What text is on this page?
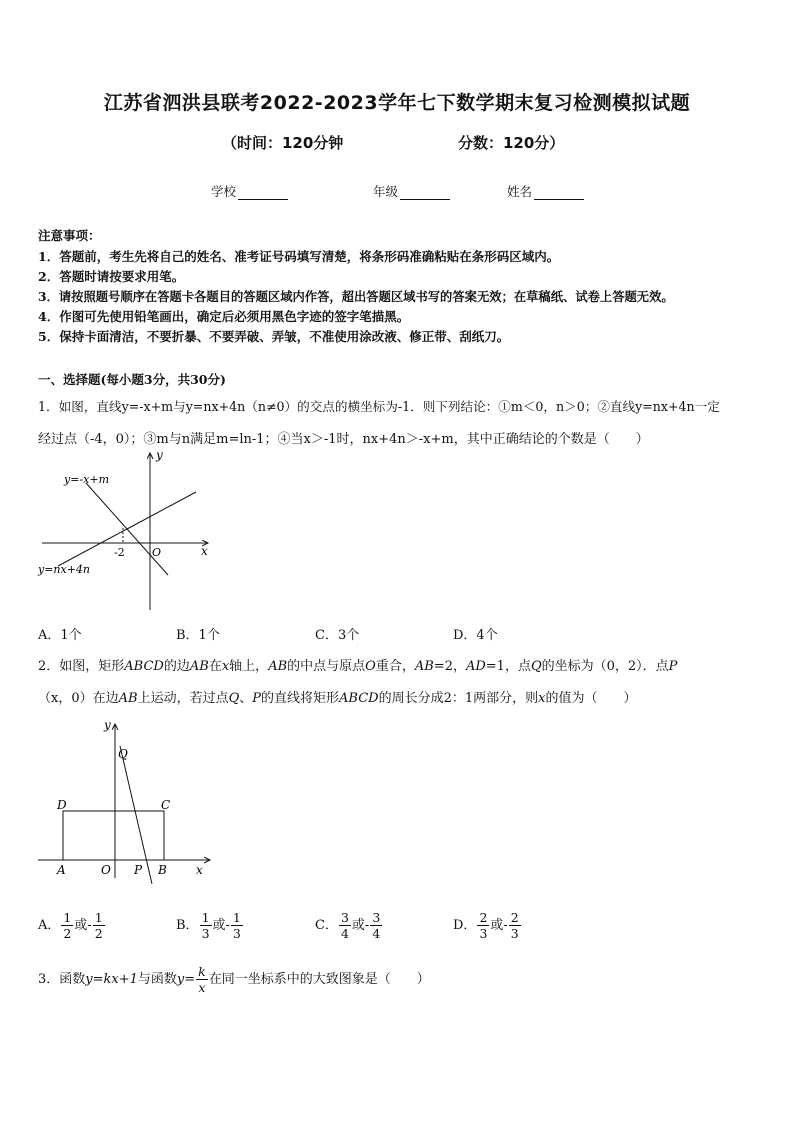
江苏省泗洪县联考2022-2023学年七下数学期末复习检测模拟试题
（时间：120分钟	分数：120分）
学校	年级	姓名
注意事项：
1．答题前，考生先将自己的姓名、准考证号码填写清楚，将条形码准确粘贴在条形码区域内。
2．答题时请按要求用笔。
3．请按照题号顺序在答题卡各题目的答题区域内作答，超出答题区域书写的答案无效；在草稿纸、试卷上答题无效。
4．作图可先使用铅笔画出，确定后必须用黑色字迹的签字笔描黑。
5．保持卡面清洁，不要折暴、不要弄破、弄皱，不准使用涂改液、修正带、刮纸刀。
一、选择题(每小题3分，共30分)
1．如图，直线y=-x+m与y=nx+4n（n≠0）的交点的横坐标为-1．则下列结论：①m＜0，n＞0；②直线y=nx+4n一定
经过点（-4，0）；③m与n满足m=ln-1；④当x＞-1时，nx+4n＞-x+m，其中正确结论的个数是（　　）
y=-x+m
y=nx+4n
y
x
-2 O
A．1个	B．1个	C．3个	D．4个
2．如图，矩形ABCD的边AB在x轴上，AB的中点与原点O重合，AB=2，AD=1，点Q的坐标为（0，2）．点P
（x，0）在边AB上运动，若过点Q、P的直线将矩形ABCD的周长分成2：1两部分，则x的值为（　　）
y
Q
D	C
A	O P B x
A． $\frac{1}{2}$ 或- $\frac{1}{2}$	B． $\frac{1}{3}$ 或- $\frac{1}{3}$	C． $\frac{3}{4}$ 或- $\frac{3}{4}$	D． $\frac{2}{3}$ 或- $\frac{2}{3}$
3．函数y=kx+1与函数$y= \frac{k}{x}$ 在同一坐标系中的大致图象是（　　）
